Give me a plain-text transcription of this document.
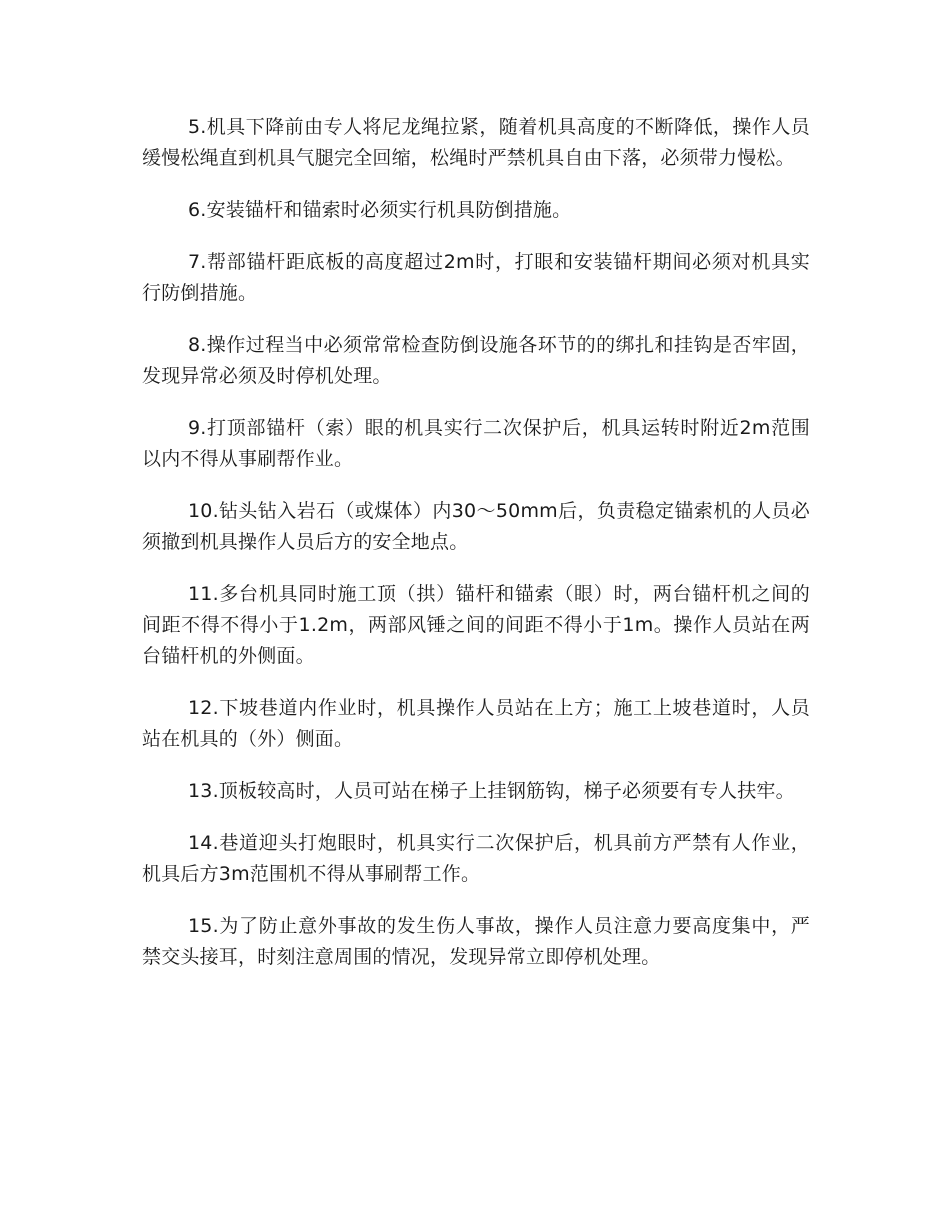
5.机具下降前由专人将尼龙绳拉紧，随着机具高度的不断降低，操作人员缓慢松绳直到机具气腿完全回缩，松绳时严禁机具自由下落，必须带力慢松。

6.安装锚杆和锚索时必须实行机具防倒措施。

7.帮部锚杆距底板的高度超过2m时，打眼和安装锚杆期间必须对机具实行防倒措施。

8.操作过程当中必须常常检查防倒设施各环节的的绑扎和挂钩是否牢固，发现异常必须及时停机处理。

9.打顶部锚杆（索）眼的机具实行二次保护后，机具运转时附近2m范围以内不得从事刷帮作业。

10.钻头钻入岩石（或煤体）内30～50mm后，负责稳定锚索机的人员必须撤到机具操作人员后方的安全地点。

11.多台机具同时施工顶（拱）锚杆和锚索（眼）时，两台锚杆机之间的间距不得不得小于1.2m，两部风锤之间的间距不得小于1m。操作人员站在两台锚杆机的外侧面。

12.下坡巷道内作业时，机具操作人员站在上方；施工上坡巷道时，人员站在机具的（外）侧面。

13.顶板较高时，人员可站在梯子上挂钢筋钩，梯子必须要有专人扶牢。

14.巷道迎头打炮眼时，机具实行二次保护后，机具前方严禁有人作业，机具后方3m范围机不得从事刷帮工作。

15.为了防止意外事故的发生伤人事故，操作人员注意力要高度集中，严禁交头接耳，时刻注意周围的情况，发现异常立即停机处理。
